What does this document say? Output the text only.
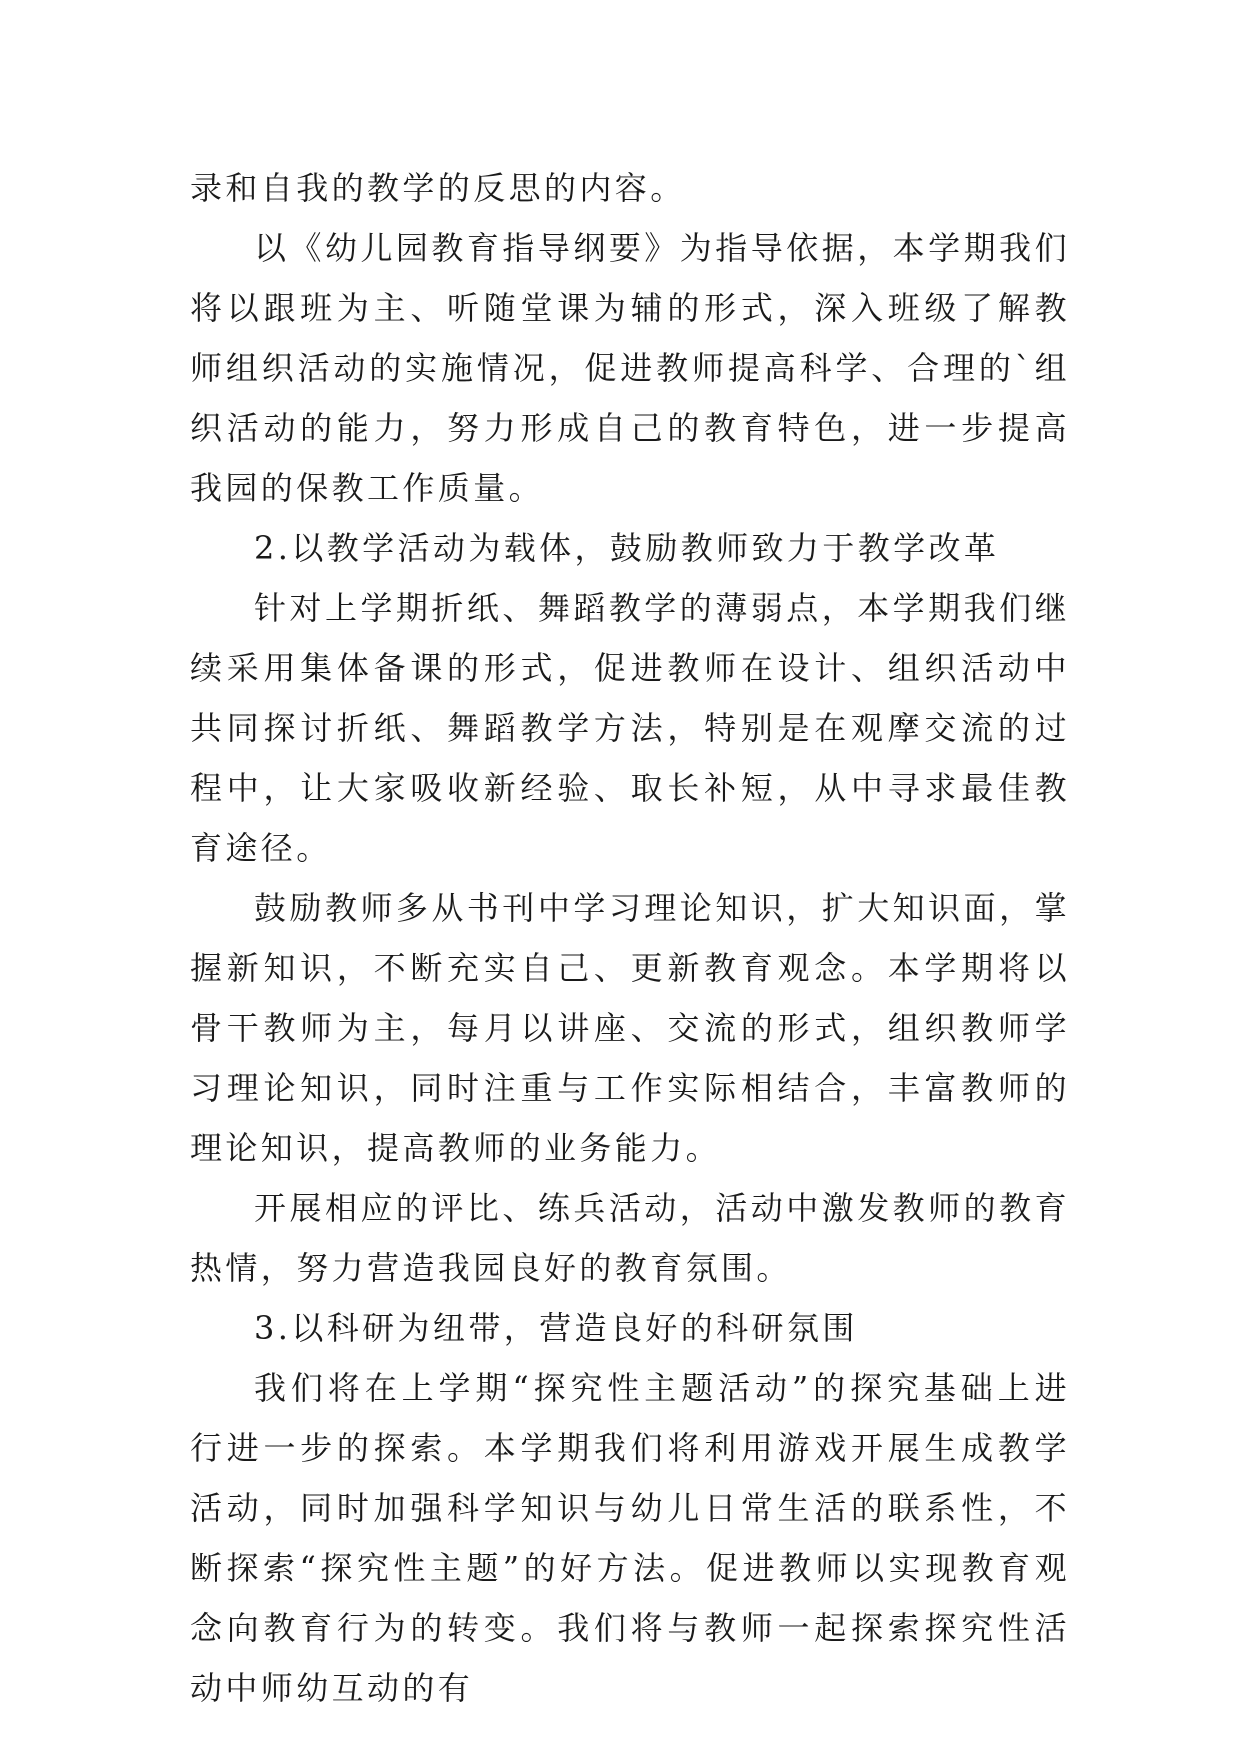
录和自我的教学的反思的内容。

以《幼儿园教育指导纲要》为指导依据，本学期我们将以跟班为主、听随堂课为辅的形式，深入班级了解教师组织活动的实施情况，促进教师提高科学、合理的`组织活动的能力，努力形成自己的教育特色，进一步提高我园的保教工作质量。

2.以教学活动为载体，鼓励教师致力于教学改革

针对上学期折纸、舞蹈教学的薄弱点，本学期我们继续采用集体备课的形式，促进教师在设计、组织活动中共同探讨折纸、舞蹈教学方法，特别是在观摩交流的过程中，让大家吸收新经验、取长补短，从中寻求最佳教育途径。

鼓励教师多从书刊中学习理论知识，扩大知识面，掌握新知识，不断充实自己、更新教育观念。本学期将以骨干教师为主，每月以讲座、交流的形式，组织教师学习理论知识，同时注重与工作实际相结合，丰富教师的理论知识，提高教师的业务能力。

开展相应的评比、练兵活动，活动中激发教师的教育热情，努力营造我园良好的教育氛围。

3.以科研为纽带，营造良好的科研氛围

我们将在上学期“探究性主题活动”的探究基础上进行进一步的探索。本学期我们将利用游戏开展生成教学活动，同时加强科学知识与幼儿日常生活的联系性，不断探索“探究性主题”的好方法。促进教师以实现教育观念向教育行为的转变。我们将与教师一起探索探究性活动中师幼互动的有
